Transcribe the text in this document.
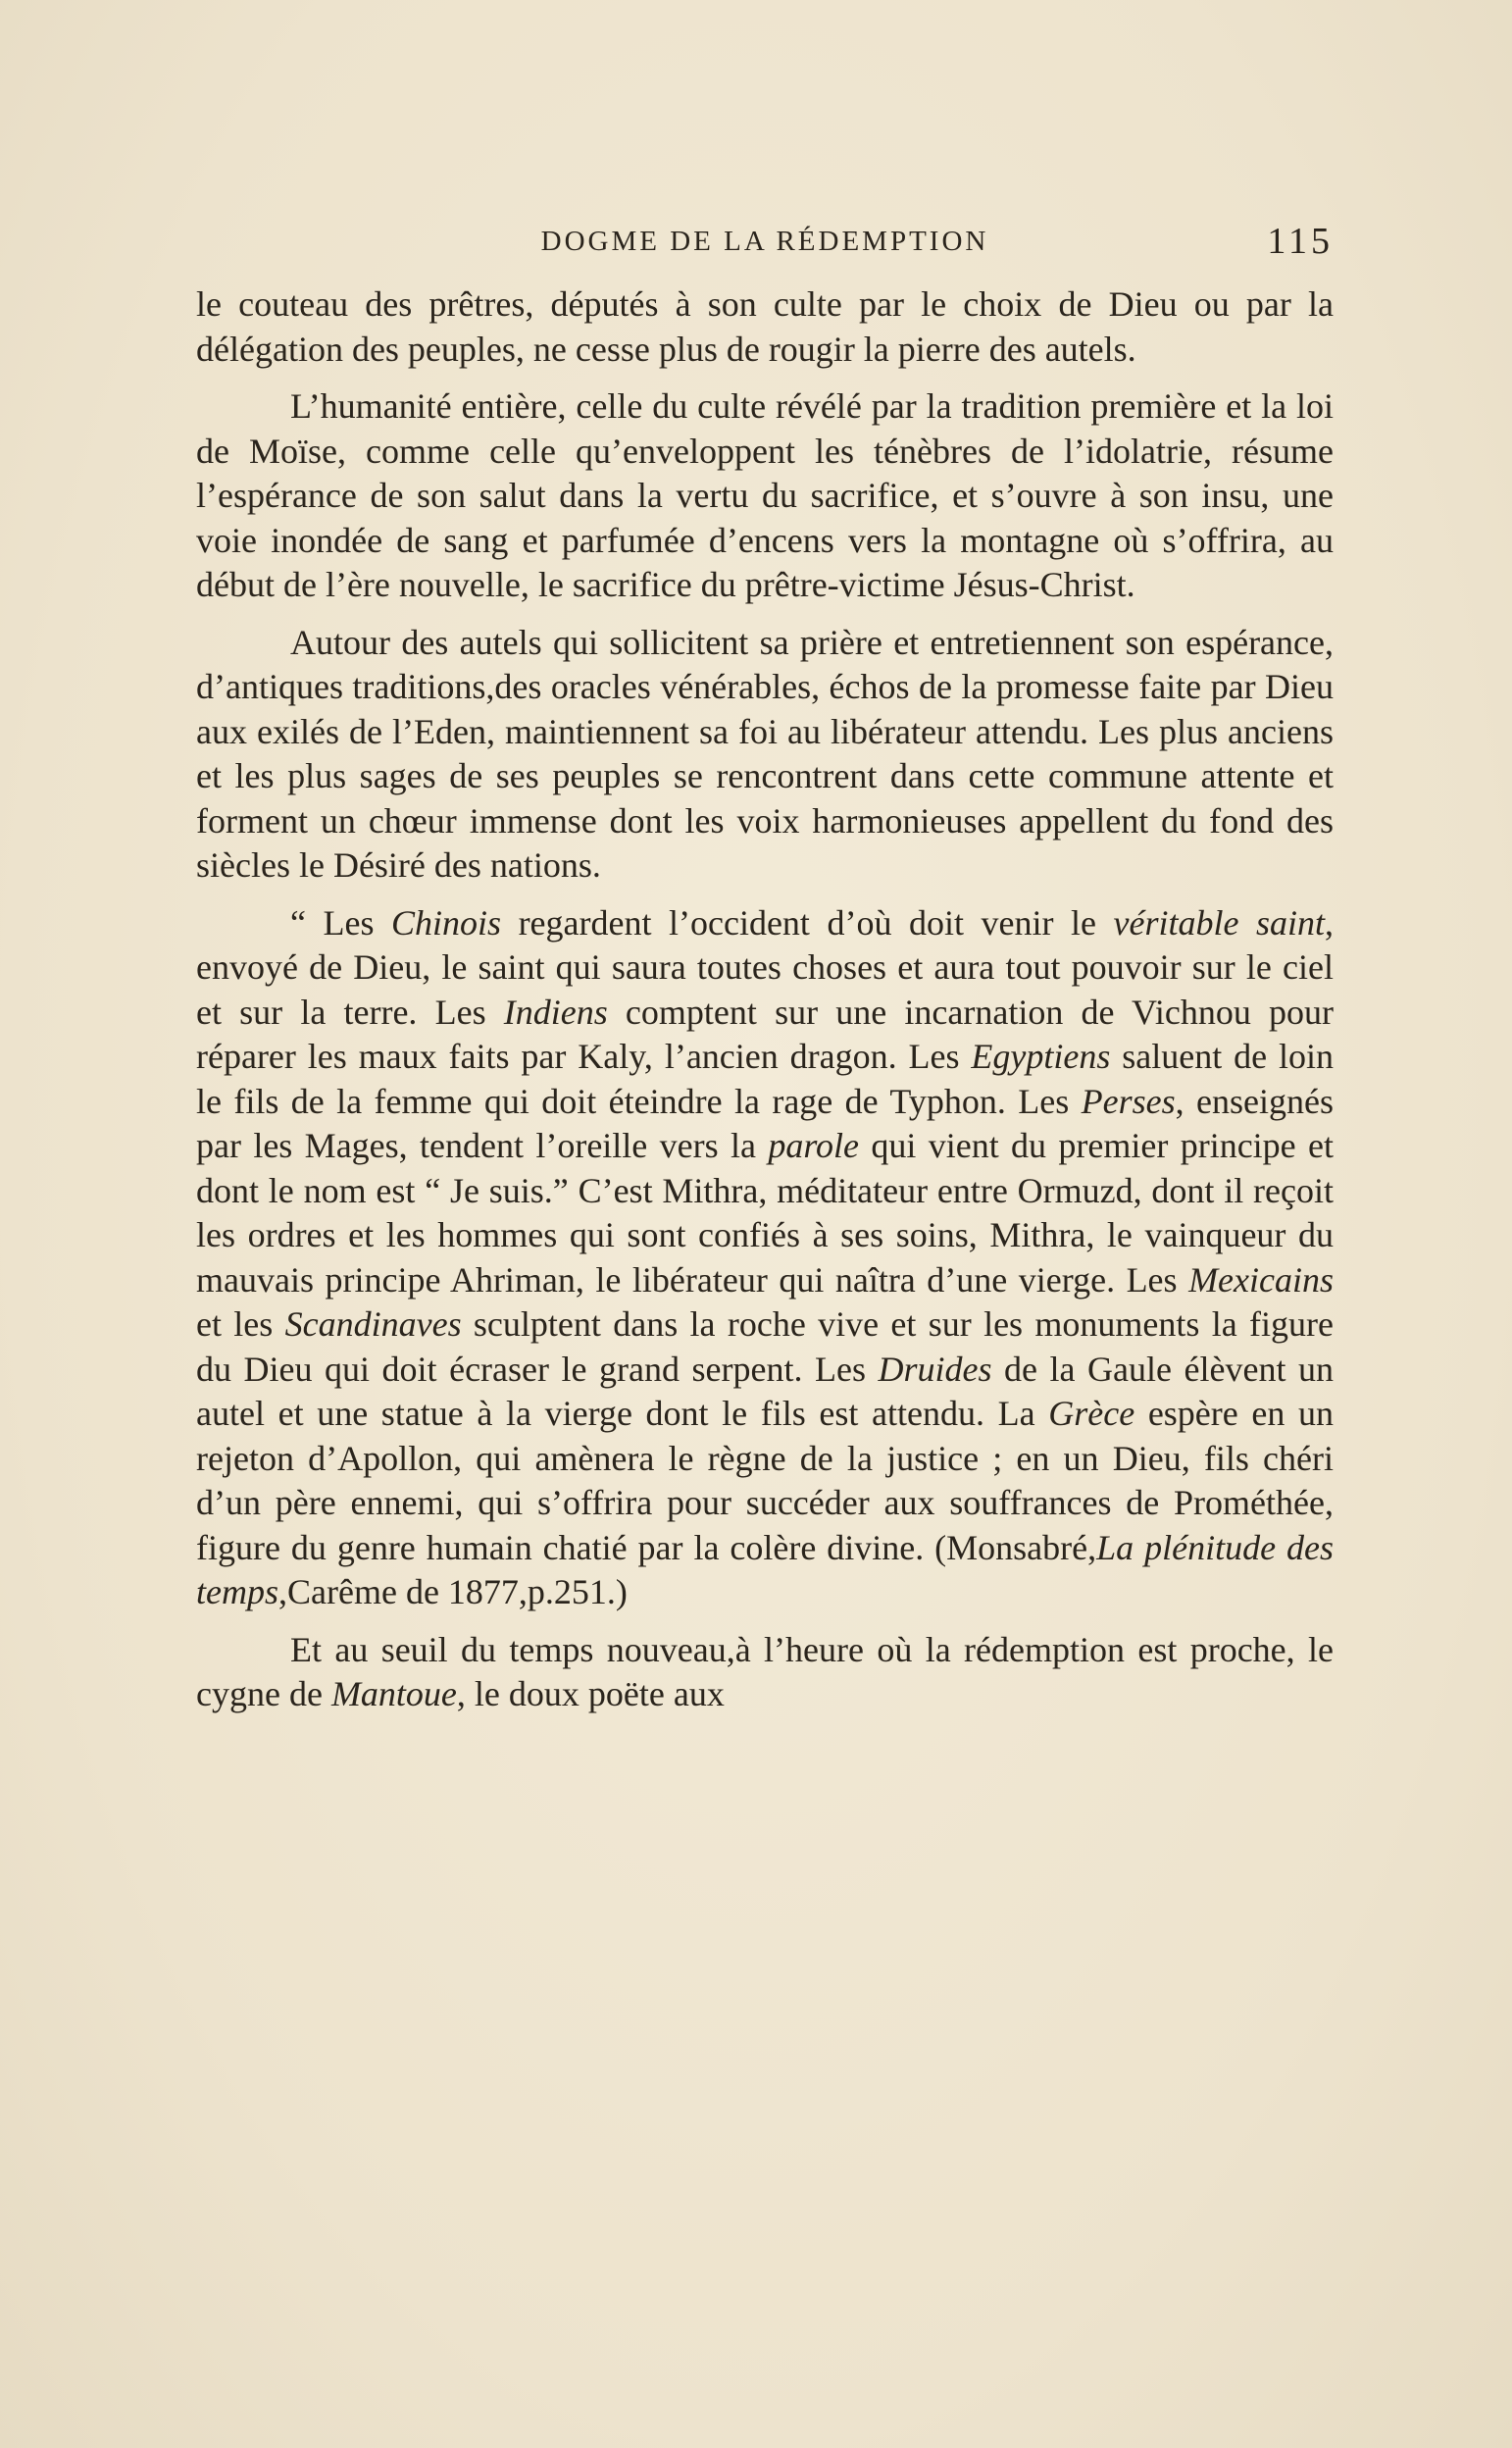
DOGME DE LA RÉDEMPTION	115

le couteau des prêtres, députés à son culte par le choix de Dieu ou par la délégation des peuples, ne cesse plus de rougir la pierre des autels.

L’humanité entière, celle du culte révélé par la tradition première et la loi de Moïse, comme celle qu’enveloppent les ténèbres de l’idolatrie, résume l’espérance de son salut dans la vertu du sacrifice, et s’ouvre à son insu, une voie inondée de sang et parfumée d’encens vers la montagne où s’offrira, au début de l’ère nouvelle, le sacrifice du prêtre-victime Jésus-Christ.

Autour des autels qui sollicitent sa prière et entretiennent son espérance, d’antiques traditions,des oracles vénérables, échos de la promesse faite par Dieu aux exilés de l’Eden, maintiennent sa foi au libérateur attendu. Les plus anciens et les plus sages de ses peuples se rencontrent dans cette commune attente et forment un chœur immense dont les voix harmonieuses appellent du fond des siècles le Désiré des nations.

“ Les Chinois regardent l’occident d’où doit venir le véritable saint, envoyé de Dieu, le saint qui saura toutes choses et aura tout pouvoir sur le ciel et sur la terre. Les Indiens comptent sur une incarnation de Vichnou pour réparer les maux faits par Kaly, l’ancien dragon. Les Egyptiens saluent de loin le fils de la femme qui doit éteindre la rage de Typhon. Les Perses, enseignés par les Mages, tendent l’oreille vers la parole qui vient du premier principe et dont le nom est “ Je suis.” C’est Mithra, méditateur entre Ormuzd, dont il reçoit les ordres et les hommes qui sont confiés à ses soins, Mithra, le vainqueur du mauvais principe Ahriman, le libérateur qui naîtra d’une vierge. Les Mexicains et les Scandinaves sculptent dans la roche vive et sur les monuments la figure du Dieu qui doit écraser le grand serpent. Les Druides de la Gaule élèvent un autel et une statue à la vierge dont le fils est attendu. La Grèce espère en un rejeton d’Apollon, qui amènera le règne de la justice ; en un Dieu, fils chéri d’un père ennemi, qui s’offrira pour succéder aux souffrances de Prométhée, figure du genre humain chatié par la colère divine. (Monsabré,La plénitude des temps,Carême de 1877,p.251.)

Et au seuil du temps nouveau,à l’heure où la rédemption est proche, le cygne de Mantoue, le doux poëte aux
